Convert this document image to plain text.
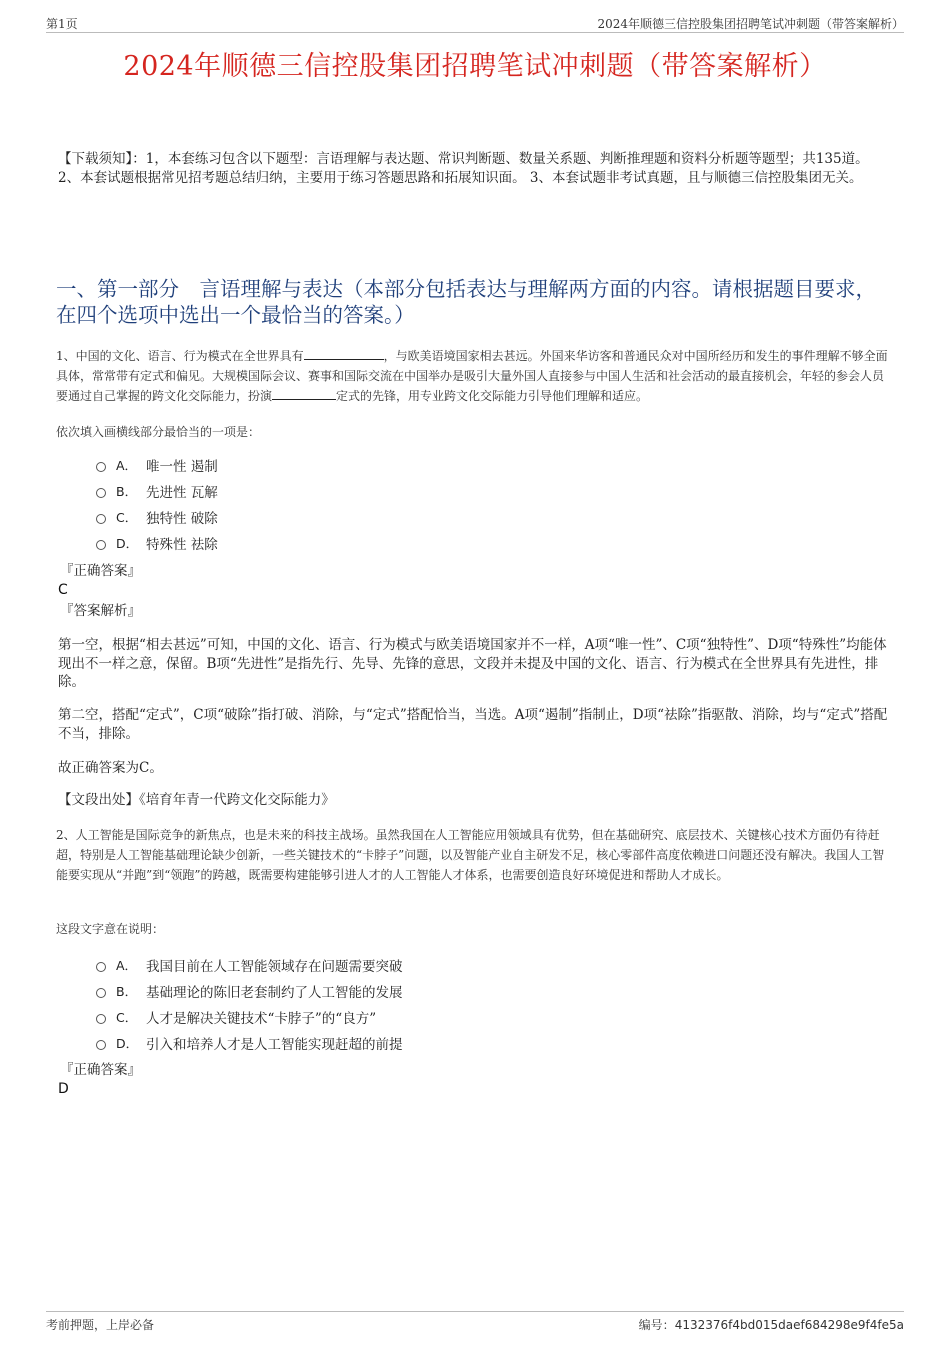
第1页	2024年顺德三信控股集团招聘笔试冲刺题（带答案解析）
2024年顺德三信控股集团招聘笔试冲刺题（带答案解析）
【下载须知】：1，本套练习包含以下题型：言语理解与表达题、常识判断题、数量关系题、判断推理题和资料分析题等题型；共135道。 2、本套试题根据常见招考题总结归纳，主要用于练习答题思路和拓展知识面。 3、本套试题非考试真题，且与顺德三信控股集团无关。
一、第一部分　言语理解与表达（本部分包括表达与理解两方面的内容。请根据题目要求，在四个选项中选出一个最恰当的答案。）
1、中国的文化、语言、行为模式在全世界具有	，与欧美语境国家相去甚远。外国来华访客和普通民众对中国所经历和发生的事件理解不够全面具体，常常带有定式和偏见。大规模国际会议、赛事和国际交流在中国举办是吸引大量外国人直接参与中国人生活和社会活动的最直接机会，年轻的参会人员要通过自己掌握的跨文化交际能力，扮演	定式的先锋，用专业跨文化交际能力引导他们理解和适应。
依次填入画横线部分最恰当的一项是：
A． 唯一性 遏制
B． 先进性 瓦解
C． 独特性 破除
D． 特殊性 祛除
『正确答案』
C
『答案解析』
第一空，根据“相去甚远”可知，中国的文化、语言、行为模式与欧美语境国家并不一样，A项“唯一性”、C项“独特性”、D项“特殊性”均能体现出不一样之意，保留。B项“先进性”是指先行、先导、先锋的意思，文段并未提及中国的文化、语言、行为模式在全世界具有先进性，排除。
第二空，搭配“定式”，C项“破除”指打破、消除，与“定式”搭配恰当，当选。A项“遏制”指制止，D项“祛除”指驱散、消除，均与“定式”搭配不当，排除。
故正确答案为C。
【文段出处】《培育年青一代跨文化交际能力》
2、人工智能是国际竞争的新焦点，也是未来的科技主战场。虽然我国在人工智能应用领域具有优势，但在基础研究、底层技术、关键核心技术方面仍有待赶超，特别是人工智能基础理论缺少创新，一些关键技术的“卡脖子”问题，以及智能产业自主研发不足，核心零部件高度依赖进口问题还没有解决。我国人工智能要实现从“并跑”到“领跑”的跨越，既需要构建能够引进人才的人工智能人才体系，也需要创造良好环境促进和帮助人才成长。
这段文字意在说明：
A． 我国目前在人工智能领域存在问题需要突破
B． 基础理论的陈旧老套制约了人工智能的发展
C． 人才是解决关键技术“卡脖子”的“良方”
D． 引入和培养人才是人工智能实现赶超的前提
『正确答案』
D
考前押题，上岸必备	编号：4132376f4bd015daef684298e9f4fe5a
